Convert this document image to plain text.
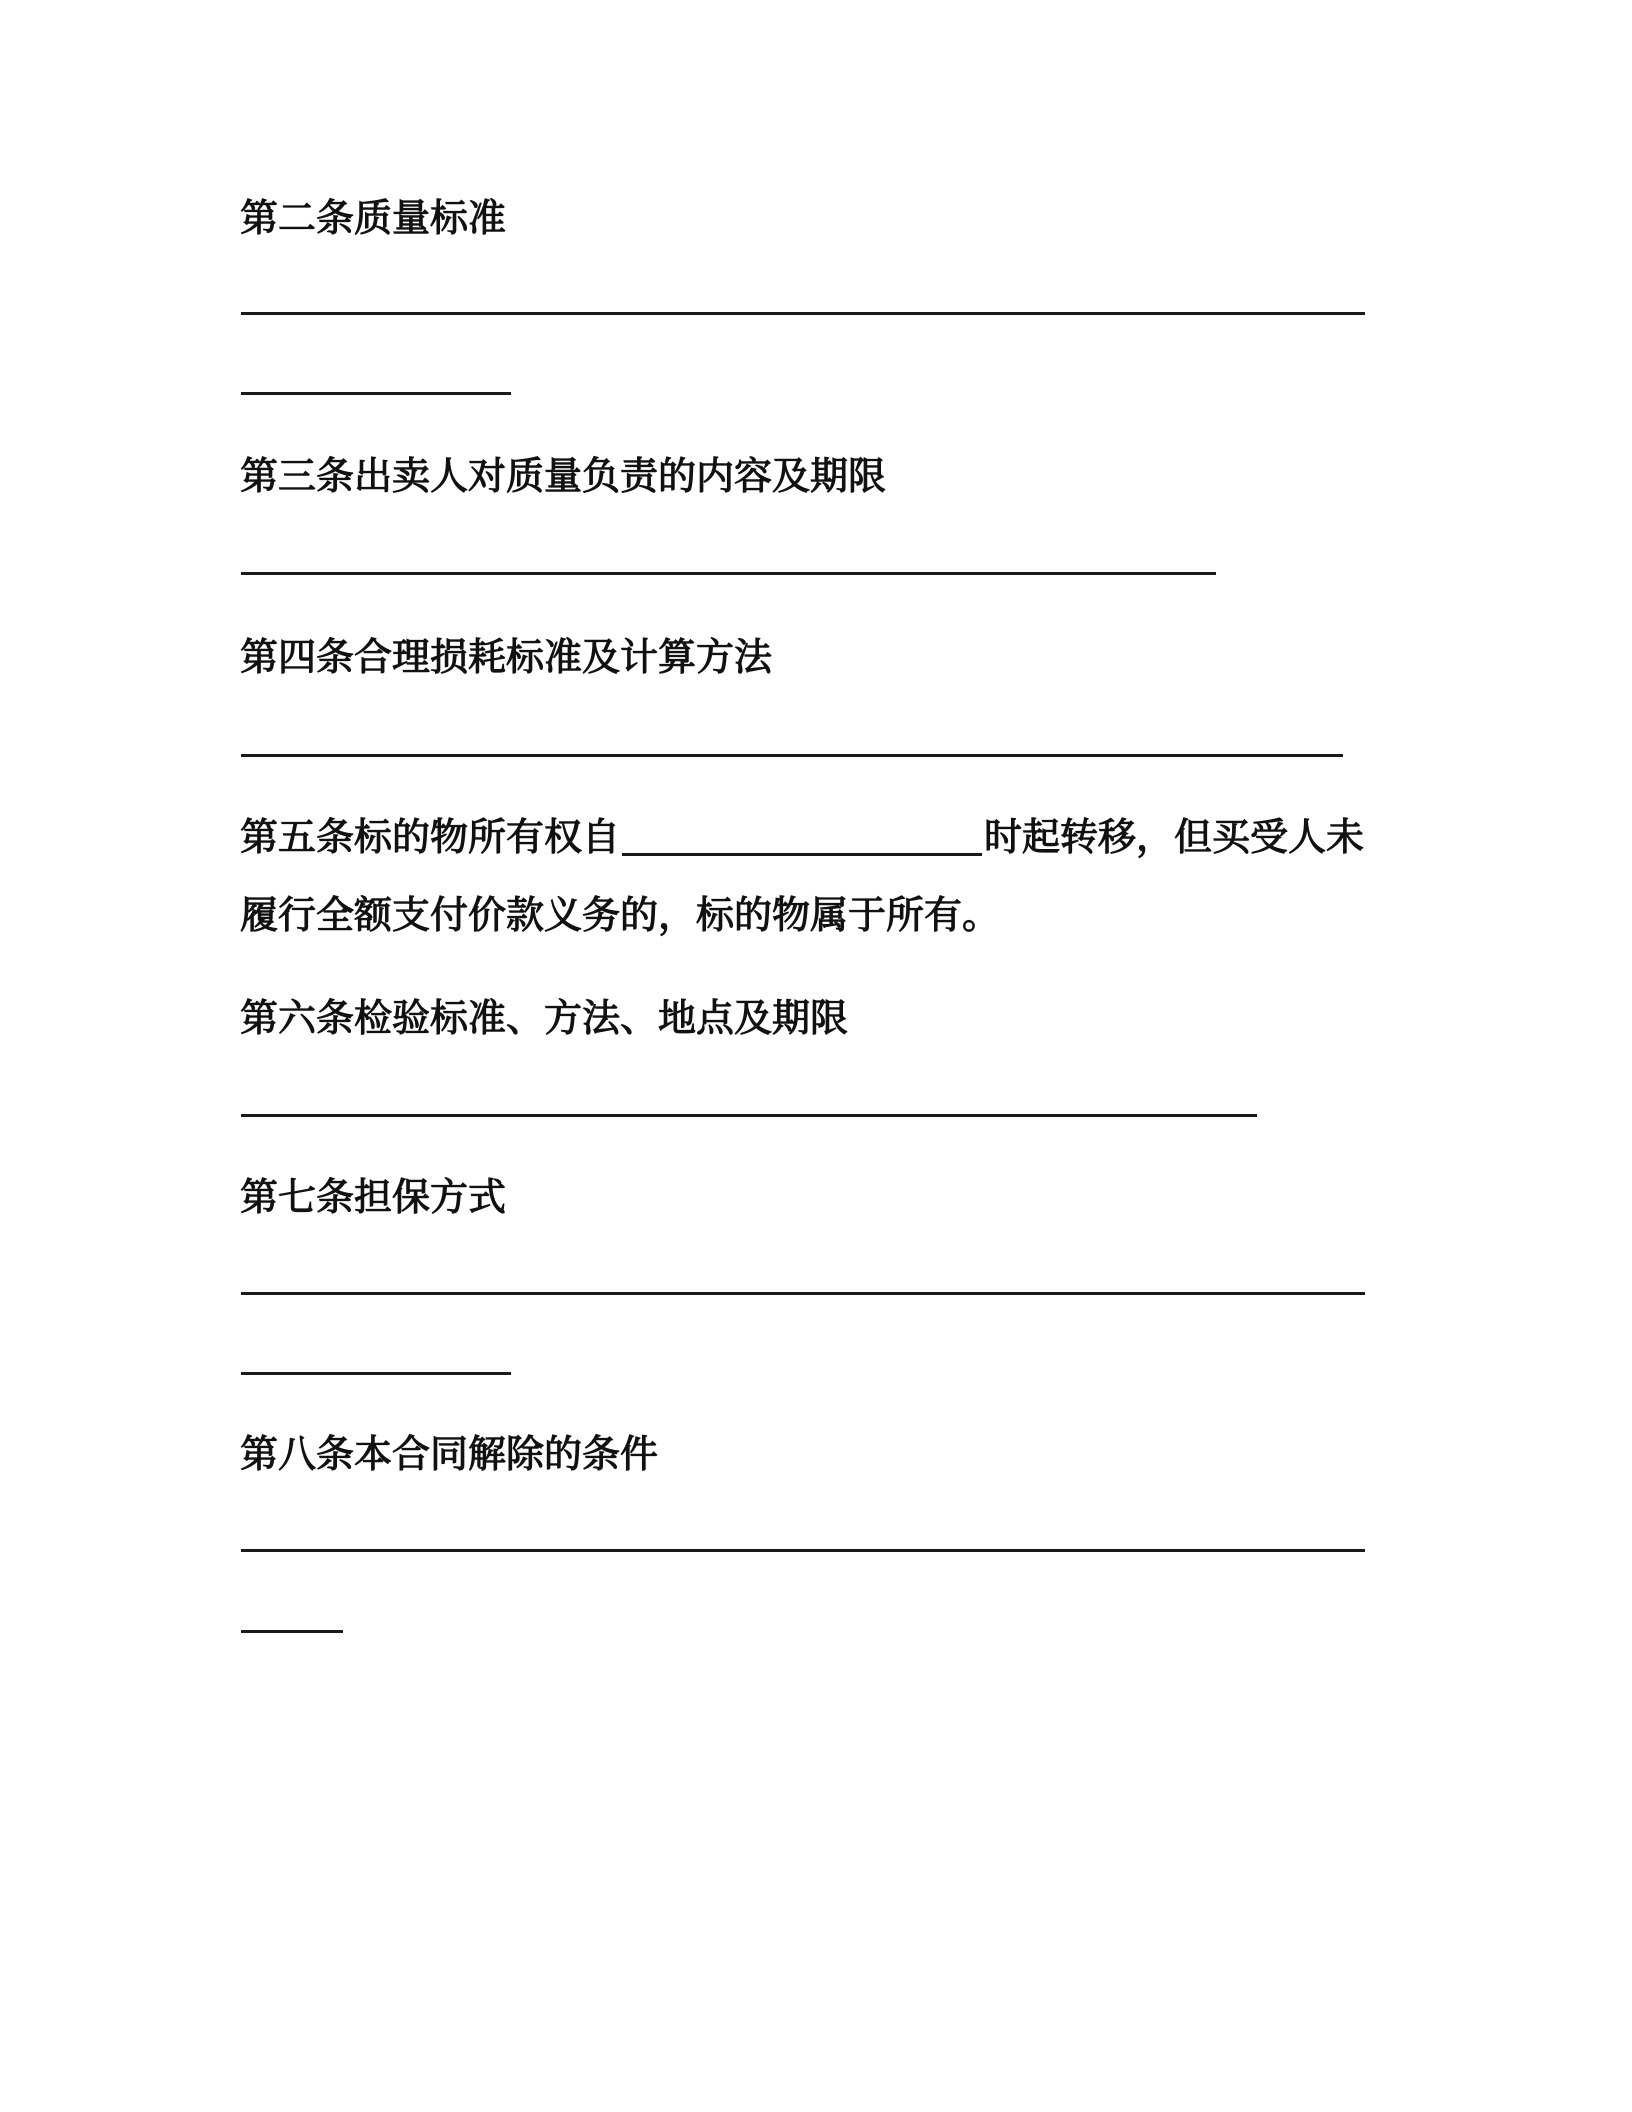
第二条质量标准
第三条出卖人对质量负责的内容及期限
第四条合理损耗标准及计算方法
第五条标的物所有权自	时起转移，但买受人未
履行全额支付价款义务的，标的物属于所有。
第六条检验标准、方法、地点及期限
第七条担保方式
第八条本合同解除的条件
